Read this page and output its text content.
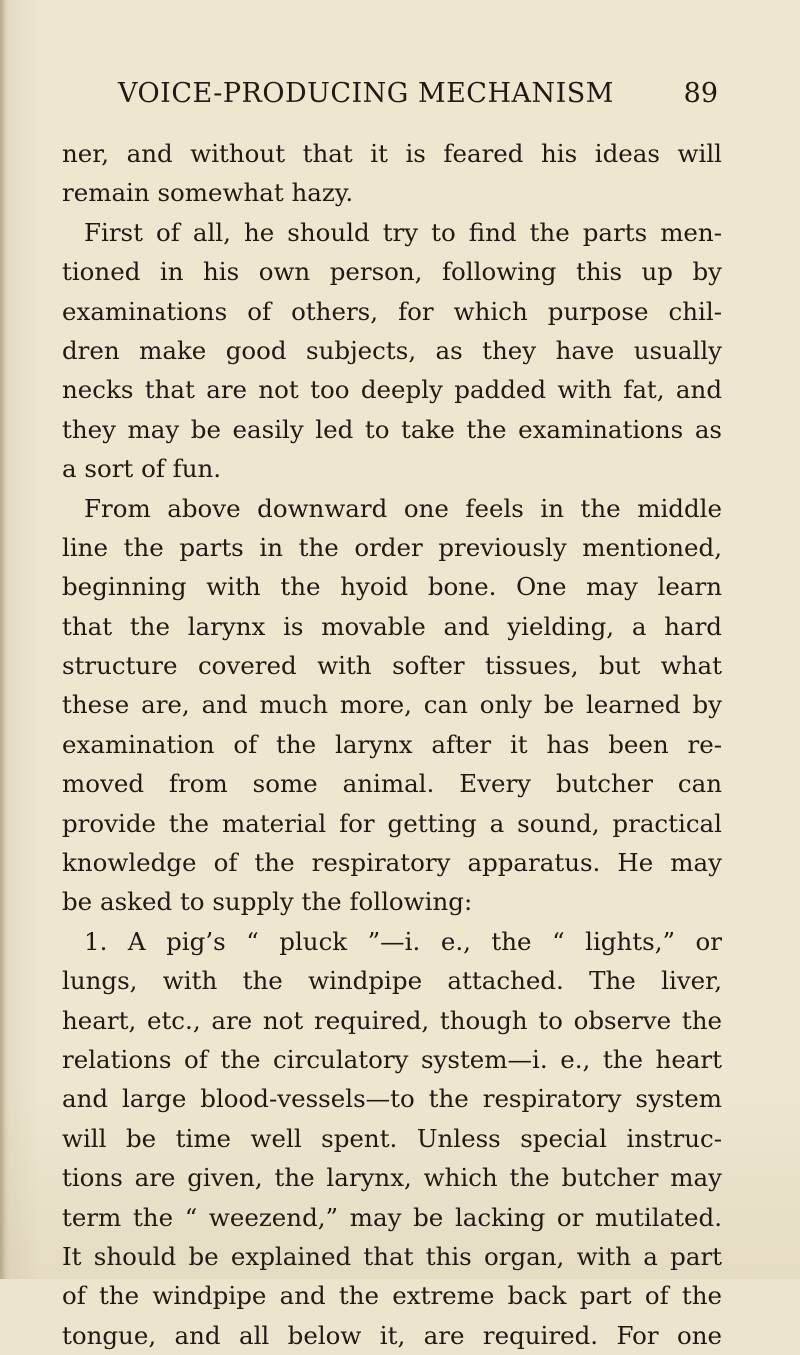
VOICE-PRODUCING MECHANISM	89
ner, and without that it is feared his ideas will
remain somewhat hazy.
First of all, he should try to find the parts men-
tioned in his own person, following this up by
examinations of others, for which purpose chil-
dren make good subjects, as they have usually
necks that are not too deeply padded with fat, and
they may be easily led to take the examinations as
a sort of fun.
From above downward one feels in the middle
line the parts in the order previously mentioned,
beginning with the hyoid bone. One may learn
that the larynx is movable and yielding, a hard
structure covered with softer tissues, but what
these are, and much more, can only be learned by
examination of the larynx after it has been re-
moved from some animal. Every butcher can
provide the material for getting a sound, practical
knowledge of the respiratory apparatus. He may
be asked to supply the following:
1. A pig’s “ pluck ”—i. e., the “ lights,” or
lungs, with the windpipe attached. The liver,
heart, etc., are not required, though to observe the
relations of the circulatory system—i. e., the heart
and large blood-vessels—to the respiratory system
will be time well spent. Unless special instruc-
tions are given, the larynx, which the butcher may
term the “ weezend,” may be lacking or mutilated.
It should be explained that this organ, with a part
of the windpipe and the extreme back part of the
tongue, and all below it, are required. For one
